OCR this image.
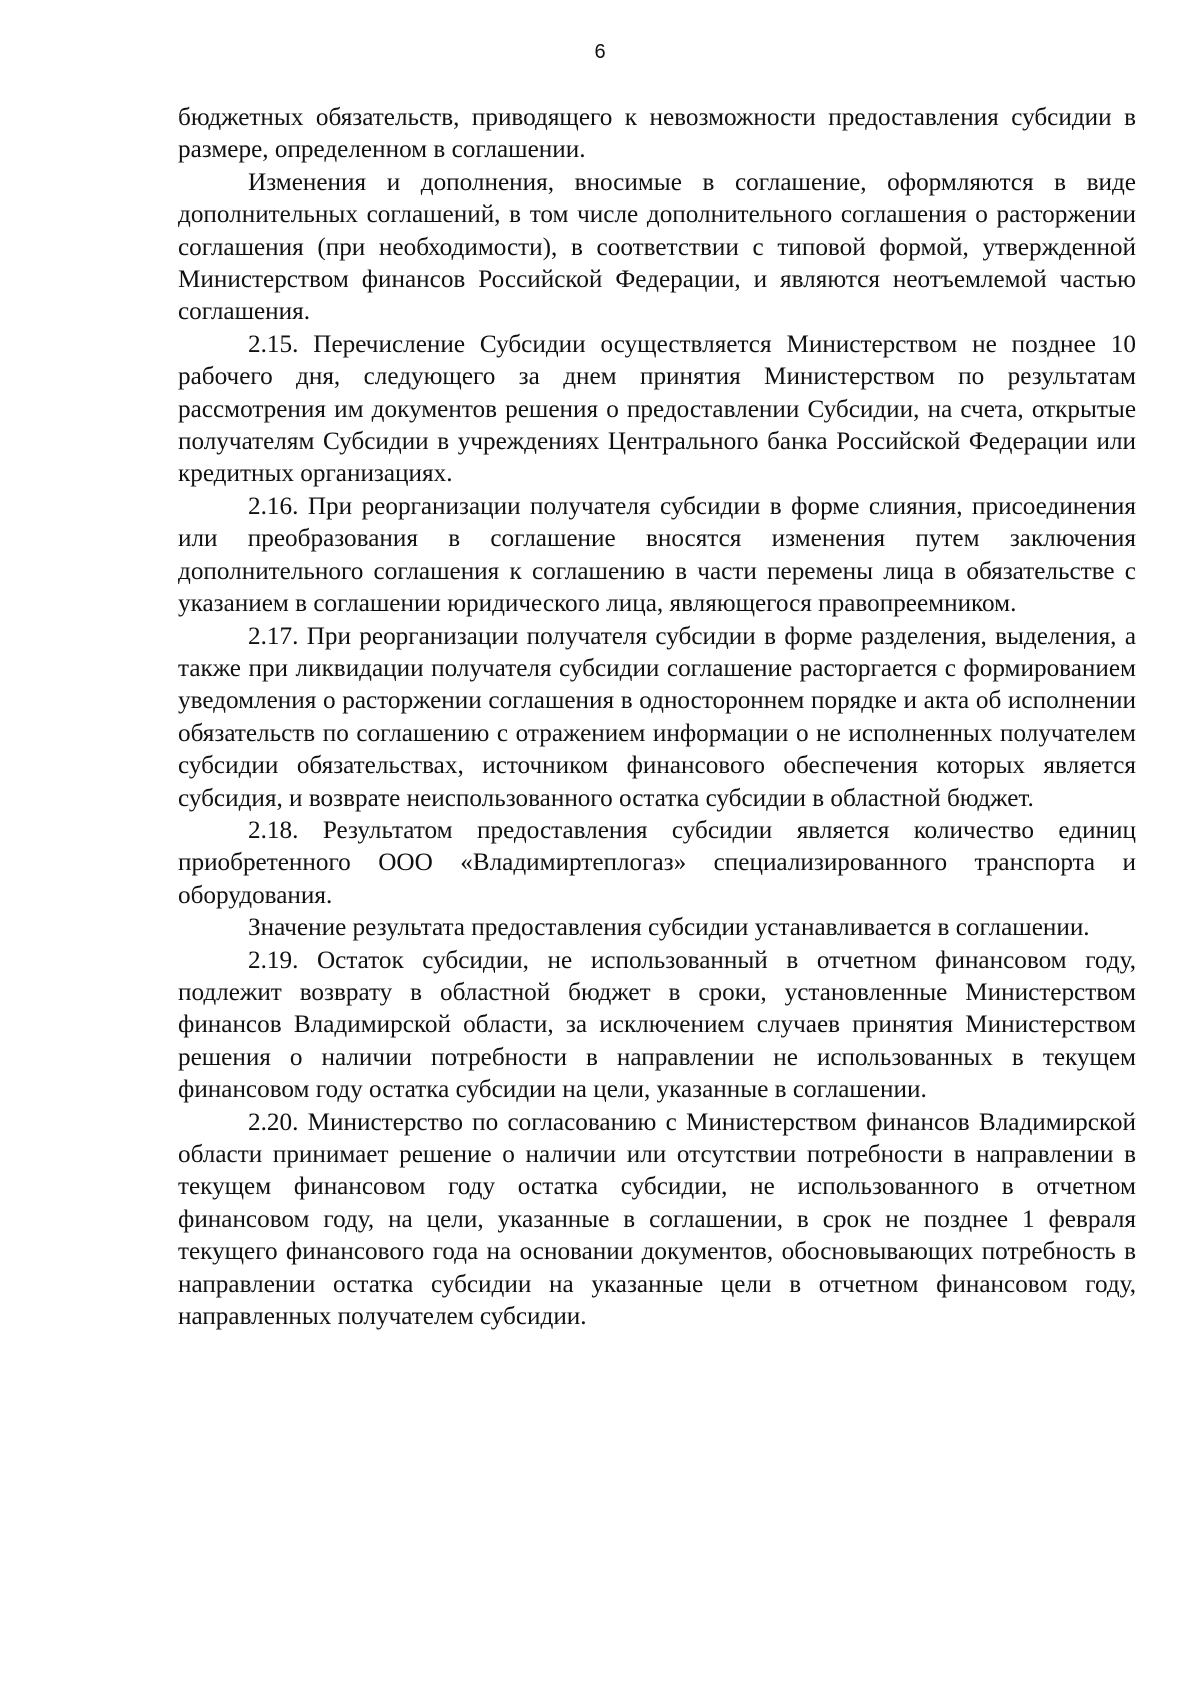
6

бюджетных обязательств, приводящего к невозможности предоставления субсидии в размере, определенном в соглашении.

Изменения и дополнения, вносимые в соглашение, оформляются в виде дополнительных соглашений, в том числе дополнительного соглашения о расторжении соглашения (при необходимости), в соответствии с типовой формой, утвержденной Министерством финансов Российской Федерации, и являются неотъемлемой частью соглашения.

2.15. Перечисление Субсидии осуществляется Министерством не позднее 10 рабочего дня, следующего за днем принятия Министерством по результатам рассмотрения им документов решения о предоставлении Субсидии, на счета, открытые получателям Субсидии в учреждениях Центрального банка Российской Федерации или кредитных организациях.

2.16. При реорганизации получателя субсидии в форме слияния, присоединения или преобразования в соглашение вносятся изменения путем заключения дополнительного соглашения к соглашению в части перемены лица в обязательстве с указанием в соглашении юридического лица, являющегося правопреемником.

2.17. При реорганизации получателя субсидии в форме разделения, выделения, а также при ликвидации получателя субсидии соглашение расторгается с формированием уведомления о расторжении соглашения в одностороннем порядке и акта об исполнении обязательств по соглашению с отражением информации о не исполненных получателем субсидии обязательствах, источником финансового обеспечения которых является субсидия, и возврате неиспользованного остатка субсидии в областной бюджет.

2.18. Результатом предоставления субсидии является количество единиц приобретенного ООО «Владимиртеплогаз» специализированного транспорта и оборудования.

Значение результата предоставления субсидии устанавливается в соглашении.

2.19. Остаток субсидии, не использованный в отчетном финансовом году, подлежит возврату в областной бюджет в сроки, установленные Министерством финансов Владимирской области, за исключением случаев принятия Министерством решения о наличии потребности в направлении не использованных в текущем финансовом году остатка субсидии на цели, указанные в соглашении.

2.20. Министерство по согласованию с Министерством финансов Владимирской области принимает решение о наличии или отсутствии потребности в направлении в текущем финансовом году остатка субсидии, не использованного в отчетном финансовом году, на цели, указанные в соглашении, в срок не позднее 1 февраля текущего финансового года на основании документов, обосновывающих потребность в направлении остатка субсидии на указанные цели в отчетном финансовом году, направленных получателем субсидии.
